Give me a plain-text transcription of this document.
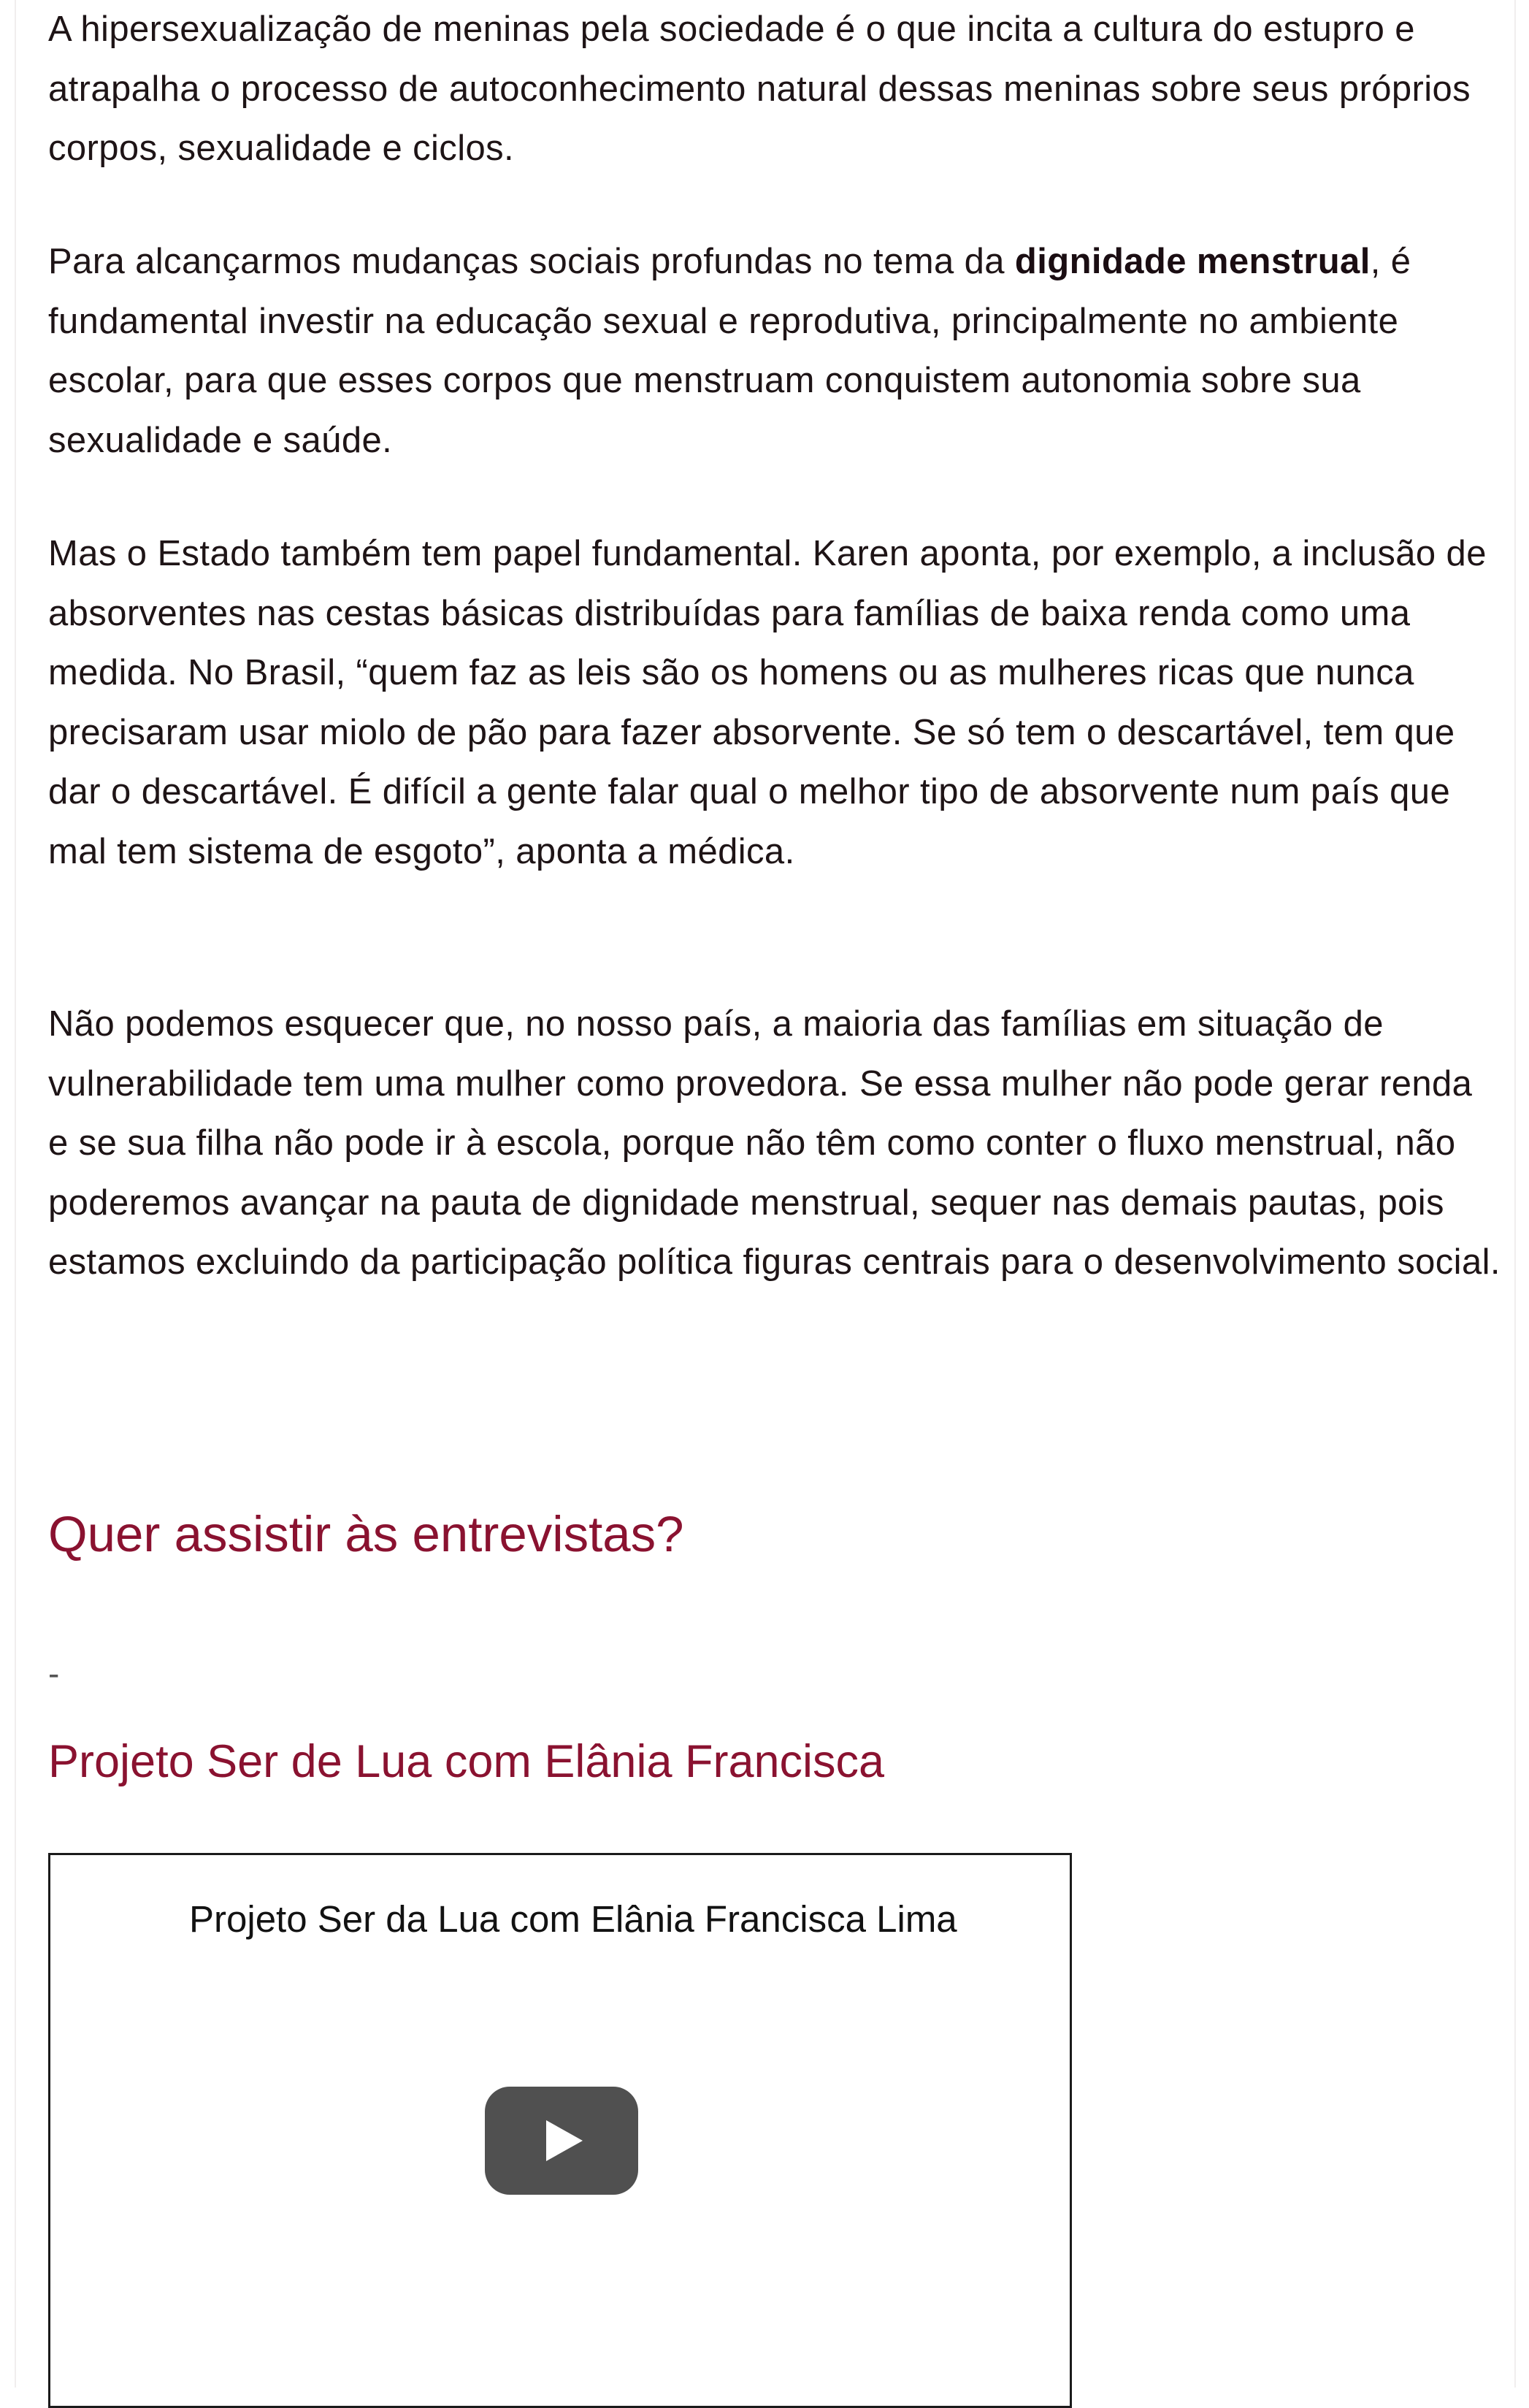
A hipersexualização de meninas pela sociedade é o que incita a cultura do estupro e atrapalha o processo de autoconhecimento natural dessas meninas sobre seus próprios corpos, sexualidade e ciclos.

Para alcançarmos mudanças sociais profundas no tema da dignidade menstrual, é fundamental investir na educação sexual e reprodutiva, principalmente no ambiente escolar, para que esses corpos que menstruam conquistem autonomia sobre sua sexualidade e saúde.

Mas o Estado também tem papel fundamental. Karen aponta, por exemplo, a inclusão de absorventes nas cestas básicas distribuídas para famílias de baixa renda como uma medida. No Brasil, “quem faz as leis são os homens ou as mulheres ricas que nunca precisaram usar miolo de pão para fazer absorvente. Se só tem o descartável, tem que dar o descartável. É difícil a gente falar qual o melhor tipo de absorvente num país que mal tem sistema de esgoto”, aponta a médica.

Não podemos esquecer que, no nosso país, a maioria das famílias em situação de vulnerabilidade tem uma mulher como provedora. Se essa mulher não pode gerar renda e se sua filha não pode ir à escola, porque não têm como conter o fluxo menstrual, não poderemos avançar na pauta de dignidade menstrual, sequer nas demais pautas, pois estamos excluindo da participação política figuras centrais para o desenvolvimento social.

Quer assistir às entrevistas?
-
Projeto Ser de Lua com Elânia Francisca
Projeto Ser da Lua com Elânia Francisca Lima
